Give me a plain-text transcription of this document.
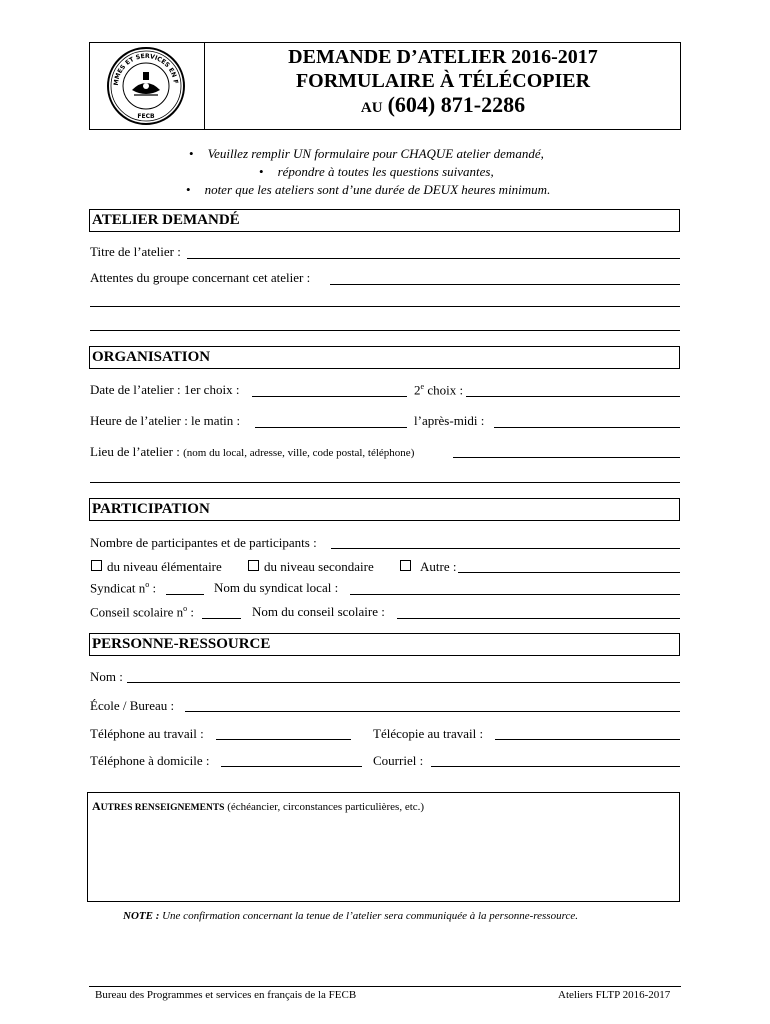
MMES ET SERVICES EN F
FECB
DEMANDE D’ATELIER 2016-2017
FORMULAIRE À TÉLÉCOPIER
AU (604) 871-2286
• Veuillez remplir UN formulaire pour CHAQUE atelier demandé,
• répondre à toutes les questions suivantes,
• noter que les ateliers sont d’une durée de DEUX heures minimum.
ATELIER DEMANDÉ
Titre de l’atelier :
Attentes du groupe concernant cet atelier :
ORGANISATION
Date de l’atelier : 1er choix :	2e choix :
Heure de l’atelier : le matin :	l’après-midi :
Lieu de l’atelier : (nom du local, adresse, ville, code postal, téléphone)
PARTICIPATION
Nombre de participantes et de participants :
du niveau élémentaire	du niveau secondaire	Autre :
Syndicat $n^o$ :	Nom du syndicat local :
Conseil scolaire $n^o$ :	Nom du conseil scolaire :
PERSONNE-RESSOURCE
Nom :
École / Bureau :
Téléphone au travail :	Télécopie au travail :
Téléphone à domicile :	Courriel :
AUTRES RENSEIGNEMENTS (échéancier, circonstances particulières, etc.)
NOTE : Une confirmation concernant la tenue de l’atelier sera communiquée à la personne-ressource.
Bureau des Programmes et services en français de la FECB	Ateliers FLTP 2016-2017
